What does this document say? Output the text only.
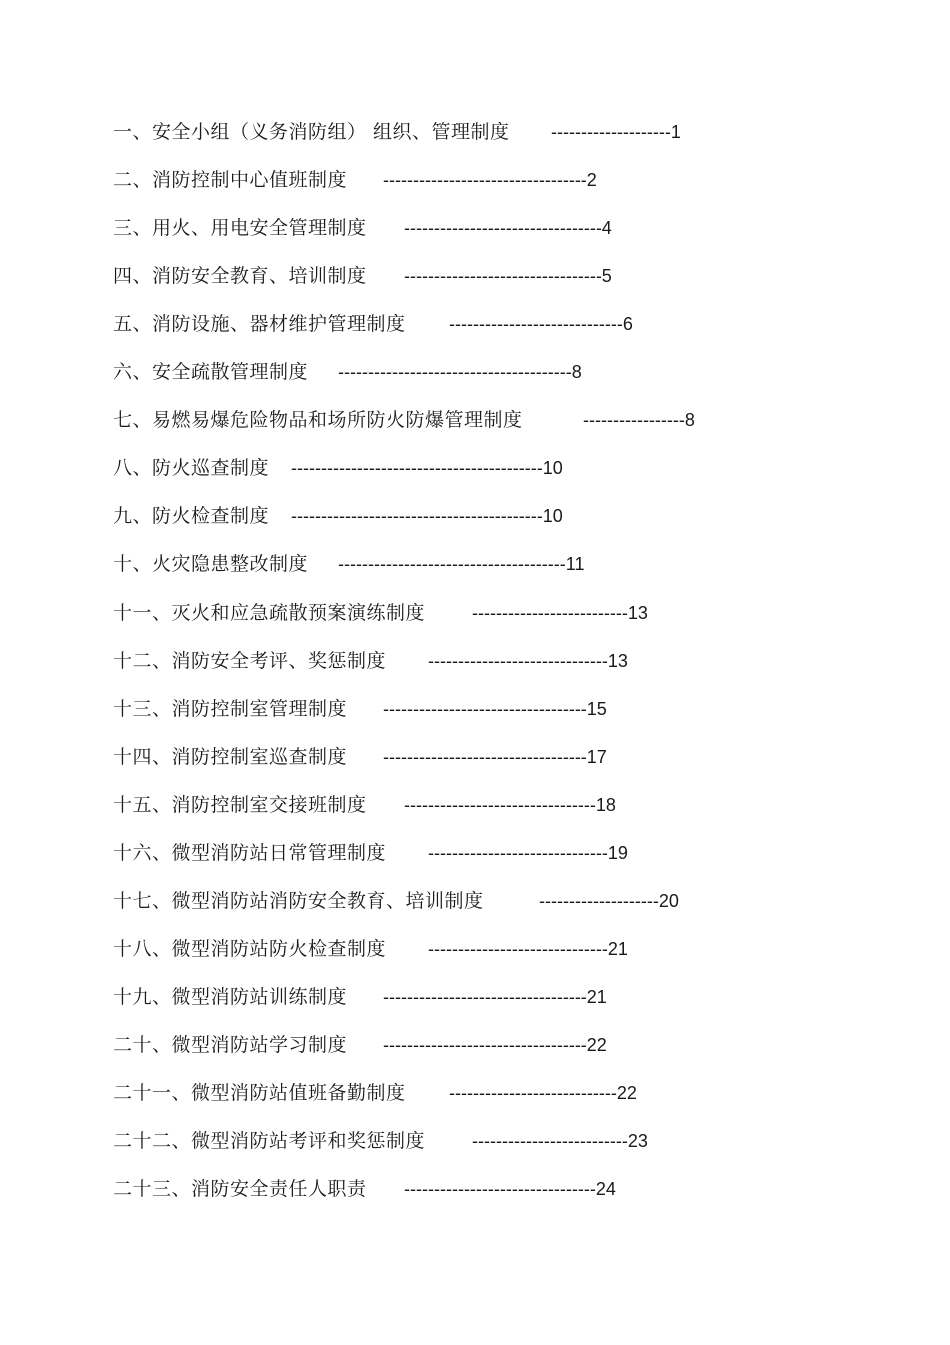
一、安全小组（义务消防组） 组织、管理制度 --------------------1
二、消防控制中心值班制度 ----------------------------------2
三、用火、用电安全管理制度 ---------------------------------4
四、消防安全教育、培训制度 ---------------------------------5
五、消防设施、器材维护管理制度 -----------------------------6
六、安全疏散管理制度 ---------------------------------------8
七、易燃易爆危险物品和场所防火防爆管理制度	-----------------8
八、防火巡查制度 ------------------------------------------10
九、防火检查制度 ------------------------------------------10
十、火灾隐患整改制度 --------------------------------------11
十一、灭火和应急疏散预案演练制度	--------------------------13
十二、消防安全考评、奖惩制度 ------------------------------13
十三、消防控制室管理制度 ----------------------------------15
十四、消防控制室巡查制度 ----------------------------------17
十五、消防控制室交接班制度 --------------------------------18
十六、微型消防站日常管理制度 ------------------------------19
十七、微型消防站消防安全教育、培训制度	--------------------20
十八、微型消防站防火检查制度 ------------------------------21
十九、微型消防站训练制度 ----------------------------------21
二十、微型消防站学习制度 ----------------------------------22
二十一、微型消防站值班备勤制度 ----------------------------22
二十二、微型消防站考评和奖惩制度	--------------------------23
二十三、消防安全责任人职责 --------------------------------24
